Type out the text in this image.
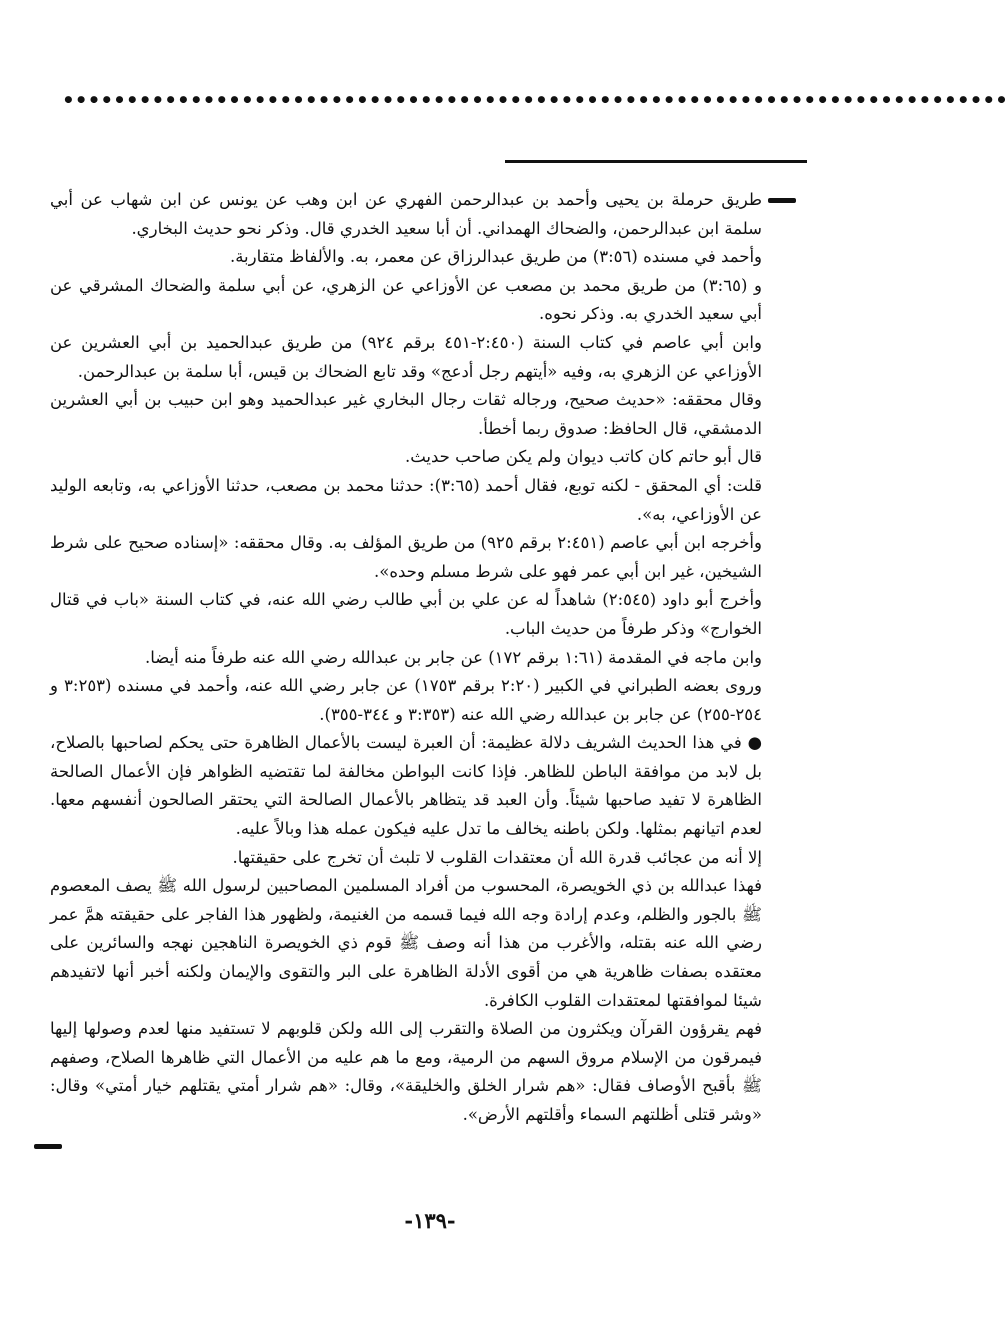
••••••••••••••••••••••••••••••••••••••••••••••••••••••••••••••••••••••••••

طريق حرملة بن يحيى وأحمد بن عبدالرحمن الفهري عن ابن وهب عن يونس عن ابن شهاب عن أبي سلمة ابن عبدالرحمن، والضحاك الهمداني. أن أبا سعيد الخدري قال. وذكر نحو حديث البخاري.

وأحمد في مسنده (٣:٥٦) من طريق عبدالرزاق عن معمر، به. والألفاظ متقاربة.

و (٣:٦٥) من طريق محمد بن مصعب عن الأوزاعي عن الزهري، عن أبي سلمة والضحاك المشرقي عن أبي سعيد الخدري به. وذكر نحوه.

وابن أبي عاصم في كتاب السنة (٢:٤٥٠-٤٥١ برقم ٩٢٤) من طريق عبدالحميد بن أبي العشرين عن الأوزاعي عن الزهري به، وفيه «أيتهم رجل أدعج» وقد تابع الضحاك بن قيس، أبا سلمة بن عبدالرحمن.

وقال محققه: «حديث صحيح، ورجاله ثقات رجال البخاري غير عبدالحميد وهو ابن حبيب بن أبي العشرين الدمشقي، قال الحافظ: صدوق ربما أخطأ.

قال أبو حاتم كان كاتب ديوان ولم يكن صاحب حديث.

قلت: أي المحقق - لكنه توبع، فقال أحمد (٣:٦٥): حدثنا محمد بن مصعب، حدثنا الأوزاعي به، وتابعه الوليد عن الأوزاعي، به».

وأخرجه ابن أبي عاصم (٢:٤٥١ برقم ٩٢٥) من طريق المؤلف به. وقال محققه: «إسناده صحيح على شرط الشيخين، غير ابن أبي عمر فهو على شرط مسلم وحده».

وأخرج أبو داود (٢:٥٤٥) شاهداً له عن علي بن أبي طالب رضي الله عنه، في كتاب السنة «باب في قتال الخوارج» وذكر طرفاً من حديث الباب.

وابن ماجه في المقدمة (١:٦١ برقم ١٧٢) عن جابر بن عبدالله رضي الله عنه طرفاً منه أيضا.

وروى بعضه الطبراني في الكبير (٢:٢٠ برقم ١٧٥٣) عن جابر رضي الله عنه، وأحمد في مسنده (٣:٢٥٣ و ٢٥٤-٢٥٥) عن جابر بن عبدالله رضي الله عنه (٣:٣٥٣ و ٣٤٤-٣٥٥).

● في هذا الحديث الشريف دلالة عظيمة: أن العبرة ليست بالأعمال الظاهرة حتى يحكم لصاحبها بالصلاح، بل لابد من موافقة الباطن للظاهر. فإذا كانت البواطن مخالفة لما تقتضيه الظواهر فإن الأعمال الصالحة الظاهرة لا تفيد صاحبها شيئاً. وأن العبد قد يتظاهر بالأعمال الصالحة التي يحتقر الصالحون أنفسهم معها. لعدم اتيانهم بمثلها. ولكن باطنه يخالف ما تدل عليه فيكون عمله هذا وبالاً عليه.

إلا أنه من عجائب قدرة الله أن معتقدات القلوب لا تلبث أن تخرج على حقيقتها.

فهذا عبدالله بن ذي الخويصرة، المحسوب من أفراد المسلمين المصاحبين لرسول الله ﷺ يصف المعصوم ﷺ بالجور والظلم، وعدم إرادة وجه الله فيما قسمه من الغنيمة، ولظهور هذا الفاجر على حقيقته همَّ عمر رضي الله عنه بقتله، والأغرب من هذا أنه وصف ﷺ قوم ذي الخويصرة الناهجين نهجه والسائرين على معتقده بصفات ظاهرية هي من أقوى الأدلة الظاهرة على البر والتقوى والإيمان ولكنه أخبر أنها لاتفيدهم شيئا لموافقتها لمعتقدات القلوب الكافرة.

فهم يقرؤون القرآن ويكثرون من الصلاة والتقرب إلى الله ولكن قلوبهم لا تستفيد منها لعدم وصولها إليها فيمرقون من الإسلام مروق السهم من الرمية، ومع ما هم عليه من الأعمال التي ظاهرها الصلاح، وصفهم ﷺ بأقبح الأوصاف فقال: «هم شرار الخلق والخليقة»، وقال: «هم شرار أمتي يقتلهم خيار أمتي» وقال: «وشر قتلى أظلتهم السماء وأقلتهم الأرض».

-١٣٩-
